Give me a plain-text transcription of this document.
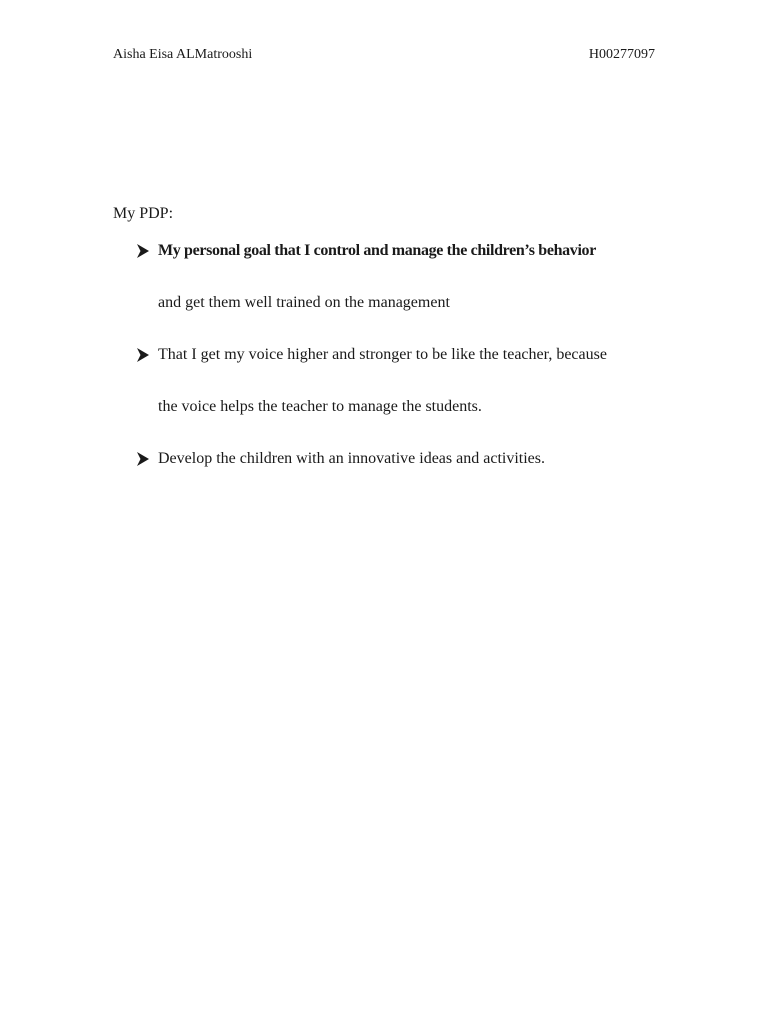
Aisha Eisa ALMatrooshi	H00277097
My PDP:
My personal goal that I control and manage the children’s behavior
and get them well trained on the management
That I get my voice higher and stronger to be like the teacher, because
the voice helps the teacher to manage the students.
Develop the children with an innovative ideas and activities.
